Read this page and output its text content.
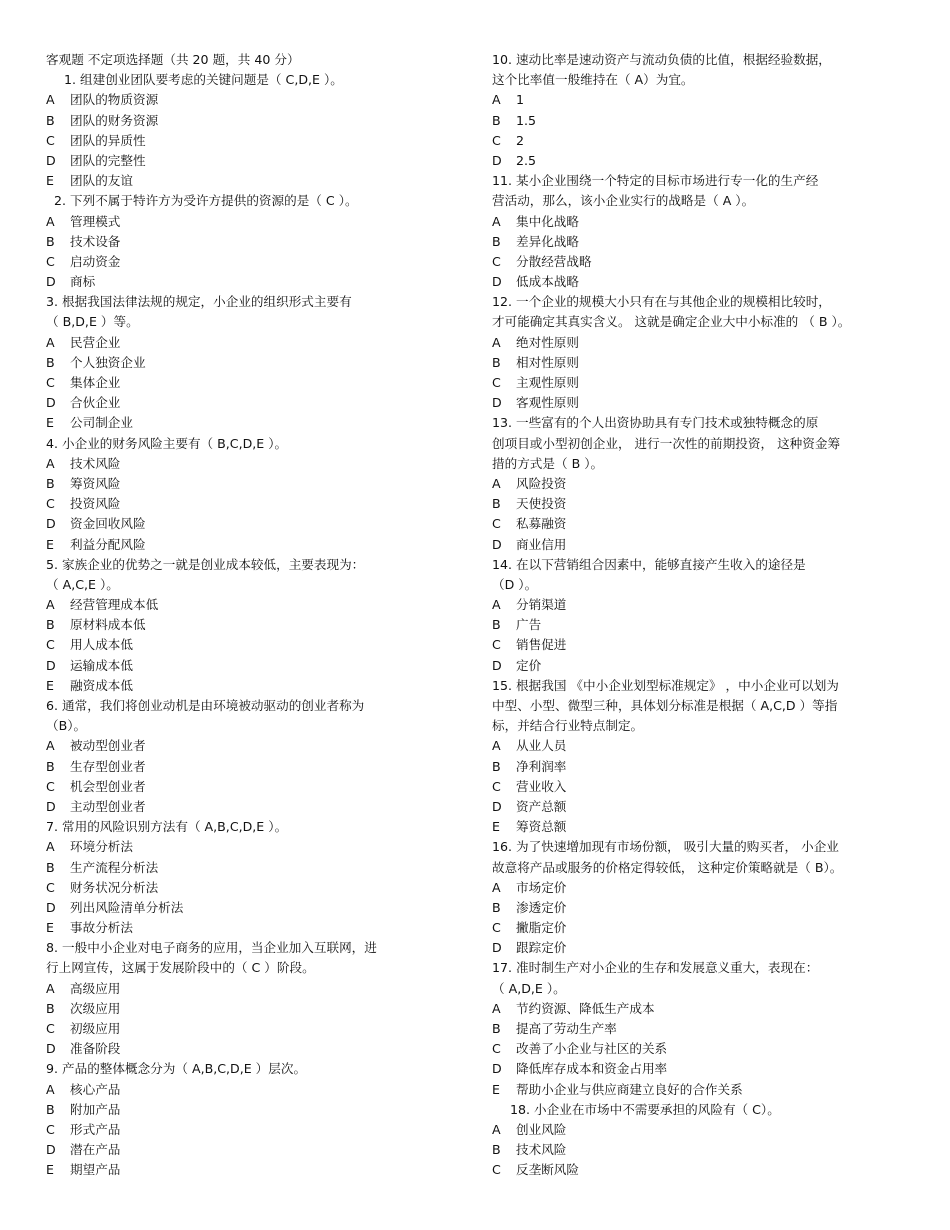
客观题 不定项选择题（共 20 题，共 40 分）
1. 组建创业团队要考虑的关键问题是（ C,D,E ）。
A 团队的物质资源
B 团队的财务资源
C 团队的异质性
D 团队的完整性
E 团队的友谊
2. 下列不属于特许方为受许方提供的资源的是（ C ）。
A 管理模式
B 技术设备
C 启动资金
D 商标
3. 根据我国法律法规的规定，小企业的组织形式主要有
（ B,D,E ）等。
A 民营企业
B 个人独资企业
C 集体企业
D 合伙企业
E 公司制企业
4. 小企业的财务风险主要有（ B,C,D,E ）。
A 技术风险
B 筹资风险
C 投资风险
D 资金回收风险
E 利益分配风险
5. 家族企业的优势之一就是创业成本较低，主要表现为：
（ A,C,E ）。
A 经营管理成本低
B 原材料成本低
C 用人成本低
D 运输成本低
E 融资成本低
6. 通常，我们将创业动机是由环境被动驱动的创业者称为
（B）。
A 被动型创业者
B 生存型创业者
C 机会型创业者
D 主动型创业者
7. 常用的风险识别方法有（ A,B,C,D,E ）。
A 环境分析法
B 生产流程分析法
C 财务状况分析法
D 列出风险清单分析法
E 事故分析法
8. 一般中小企业对电子商务的应用，当企业加入互联网，进
行上网宣传，这属于发展阶段中的（ C ）阶段。
A 高级应用
B 次级应用
C 初级应用
D 准备阶段
9. 产品的整体概念分为（ A,B,C,D,E ）层次。
A 核心产品
B 附加产品
C 形式产品
D 潜在产品
E 期望产品
10. 速动比率是速动资产与流动负债的比值，根据经验数据，
这个比率值一般维持在（ A）为宜。
A 1
B 1.5
C 2
D 2.5
11. 某小企业围绕一个特定的目标市场进行专一化的生产经
营活动，那么，该小企业实行的战略是（ A ）。
A 集中化战略
B 差异化战略
C 分散经营战略
D 低成本战略
12. 一个企业的规模大小只有在与其他企业的规模相比较时，
才可能确定其真实含义。 这就是确定企业大中小标准的 （ B ）。
A 绝对性原则
B 相对性原则
C 主观性原则
D 客观性原则
13. 一些富有的个人出资协助具有专门技术或独特概念的原
创项目或小型初创企业， 进行一次性的前期投资， 这种资金筹
措的方式是（ B ）。
A 风险投资
B 天使投资
C 私募融资
D 商业信用
14. 在以下营销组合因素中，能够直接产生收入的途径是
（D ）。
A 分销渠道
B 广告
C 销售促进
D 定价
15. 根据我国 《中小企业划型标准规定》 ，中小企业可以划为
中型、小型、微型三种，具体划分标准是根据（ A,C,D ）等指
标，并结合行业特点制定。
A 从业人员
B 净利润率
C 营业收入
D 资产总额
E 筹资总额
16. 为了快速增加现有市场份额， 吸引大量的购买者， 小企业
故意将产品或服务的价格定得较低， 这种定价策略就是（ B）。
A 市场定价
B 渗透定价
C 撇脂定价
D 跟踪定价
17. 准时制生产对小企业的生存和发展意义重大，表现在：
（ A,D,E ）。
A 节约资源、降低生产成本
B 提高了劳动生产率
C 改善了小企业与社区的关系
D 降低库存成本和资金占用率
E 帮助小企业与供应商建立良好的合作关系
18. 小企业在市场中不需要承担的风险有（ C）。
A 创业风险
B 技术风险
C 反垄断风险
